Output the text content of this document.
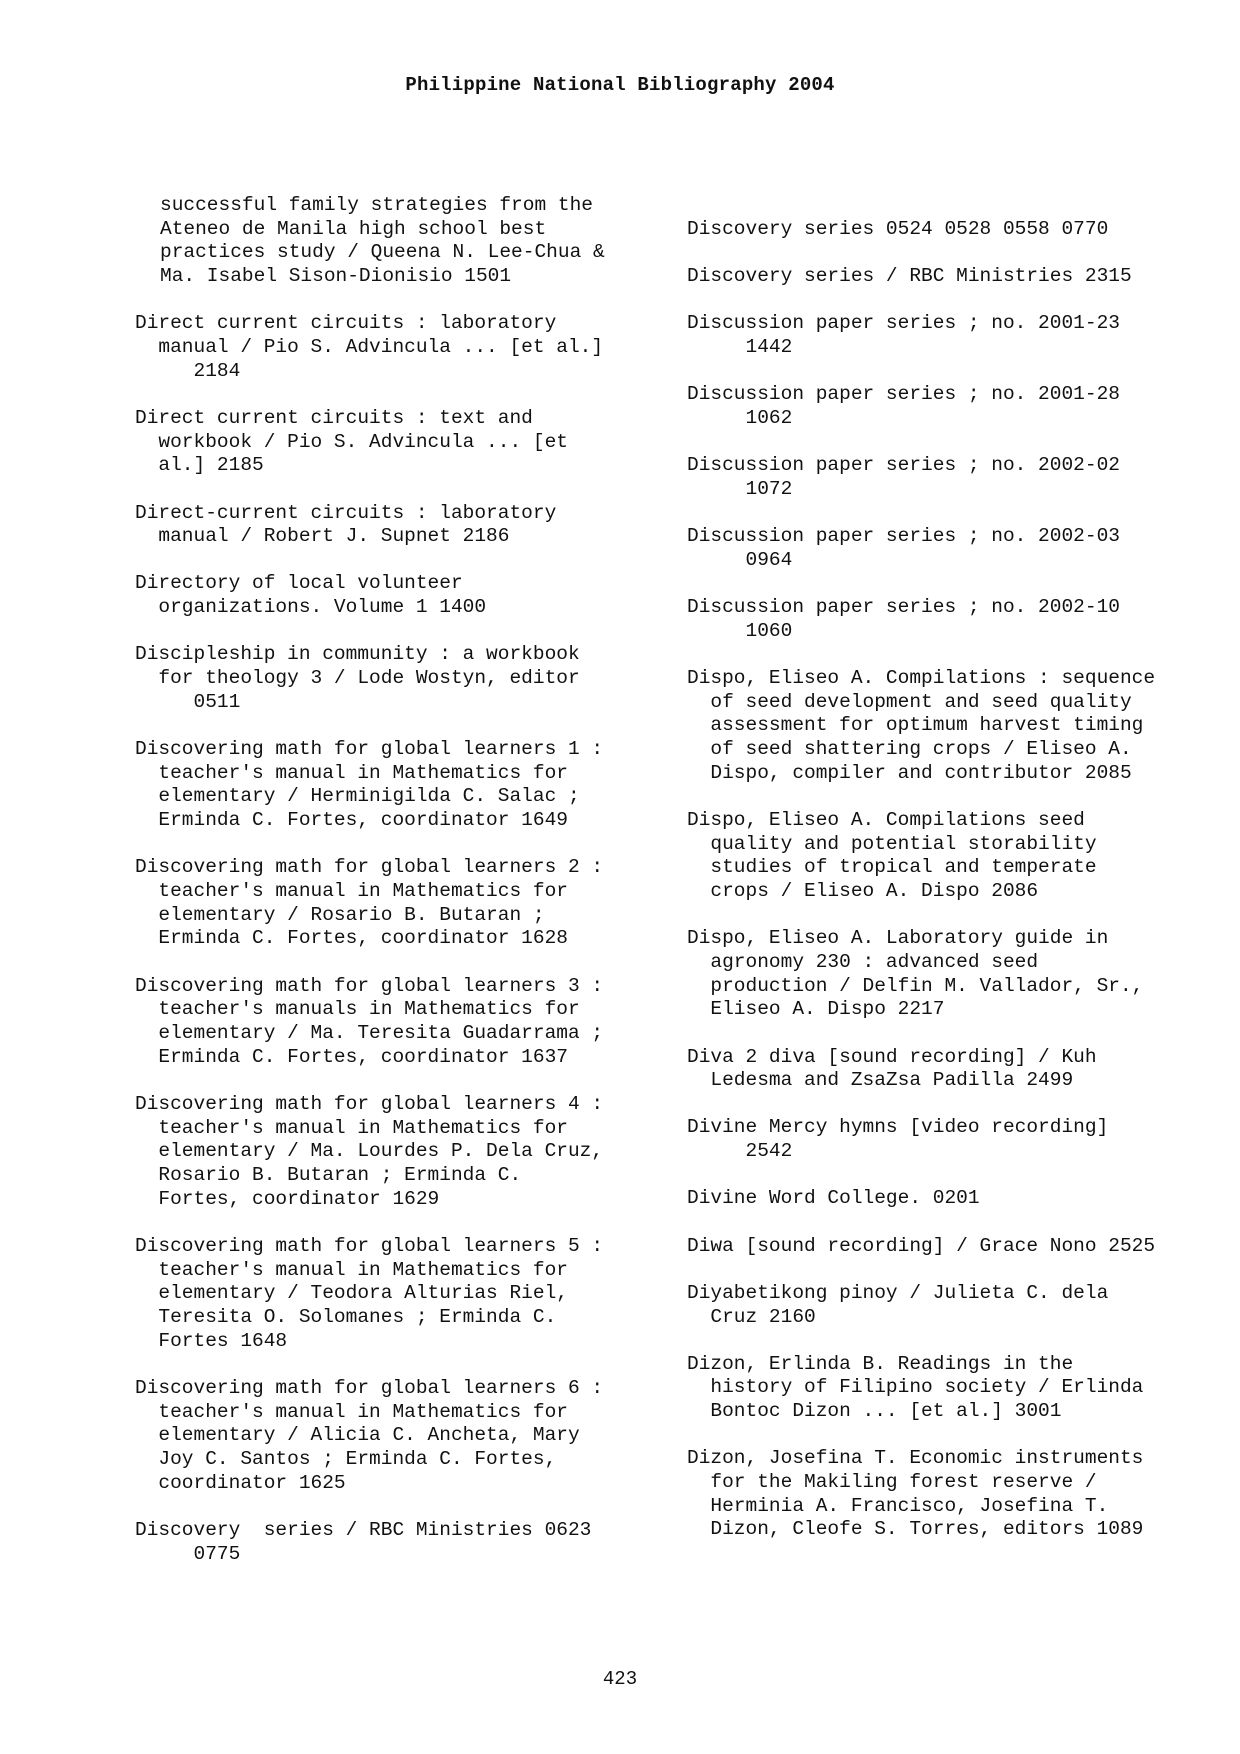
Philippine National Bibliography 2004
successful family strategies from the
Ateneo de Manila high school best
practices study / Queena N. Lee-Chua &
Ma. Isabel Sison-Dionisio 1501
Direct current circuits : laboratory
manual / Pio S. Advincula ... [et al.]
2184
Direct current circuits : text and
workbook / Pio S. Advincula ... [et
al.] 2185
Direct-current circuits : laboratory
manual / Robert J. Supnet 2186
Directory of local volunteer
organizations. Volume 1 1400
Discipleship in community : a workbook
for theology 3 / Lode Wostyn, editor
0511
Discovering math for global learners 1 :
teacher's manual in Mathematics for
elementary / Herminigilda C. Salac ;
Erminda C. Fortes, coordinator 1649
Discovering math for global learners 2 :
teacher's manual in Mathematics for
elementary / Rosario B. Butaran ;
Erminda C. Fortes, coordinator 1628
Discovering math for global learners 3 :
teacher's manuals in Mathematics for
elementary / Ma. Teresita Guadarrama ;
Erminda C. Fortes, coordinator 1637
Discovering math for global learners 4 :
teacher's manual in Mathematics for
elementary / Ma. Lourdes P. Dela Cruz,
Rosario B. Butaran ; Erminda C.
Fortes, coordinator 1629
Discovering math for global learners 5 :
teacher's manual in Mathematics for
elementary / Teodora Alturias Riel,
Teresita O. Solomanes ; Erminda C.
Fortes 1648
Discovering math for global learners 6 :
teacher's manual in Mathematics for
elementary / Alicia C. Ancheta, Mary
Joy C. Santos ; Erminda C. Fortes,
coordinator 1625
Discovery  series / RBC Ministries 0623
0775
Discovery series 0524 0528 0558 0770
Discovery series / RBC Ministries 2315
Discussion paper series ; no. 2001-23
1442
Discussion paper series ; no. 2001-28
1062
Discussion paper series ; no. 2002-02
1072
Discussion paper series ; no. 2002-03
0964
Discussion paper series ; no. 2002-10
1060
Dispo, Eliseo A. Compilations : sequence
of seed development and seed quality
assessment for optimum harvest timing
of seed shattering crops / Eliseo A.
Dispo, compiler and contributor 2085
Dispo, Eliseo A. Compilations seed
quality and potential storability
studies of tropical and temperate
crops / Eliseo A. Dispo 2086
Dispo, Eliseo A. Laboratory guide in
agronomy 230 : advanced seed
production / Delfin M. Vallador, Sr.,
Eliseo A. Dispo 2217
Diva 2 diva [sound recording] / Kuh
Ledesma and ZsaZsa Padilla 2499
Divine Mercy hymns [video recording]
2542
Divine Word College. 0201
Diwa [sound recording] / Grace Nono 2525
Diyabetikong pinoy / Julieta C. dela
Cruz 2160
Dizon, Erlinda B. Readings in the
history of Filipino society / Erlinda
Bontoc Dizon ... [et al.] 3001
Dizon, Josefina T. Economic instruments
for the Makiling forest reserve /
Herminia A. Francisco, Josefina T.
Dizon, Cleofe S. Torres, editors 1089
423
